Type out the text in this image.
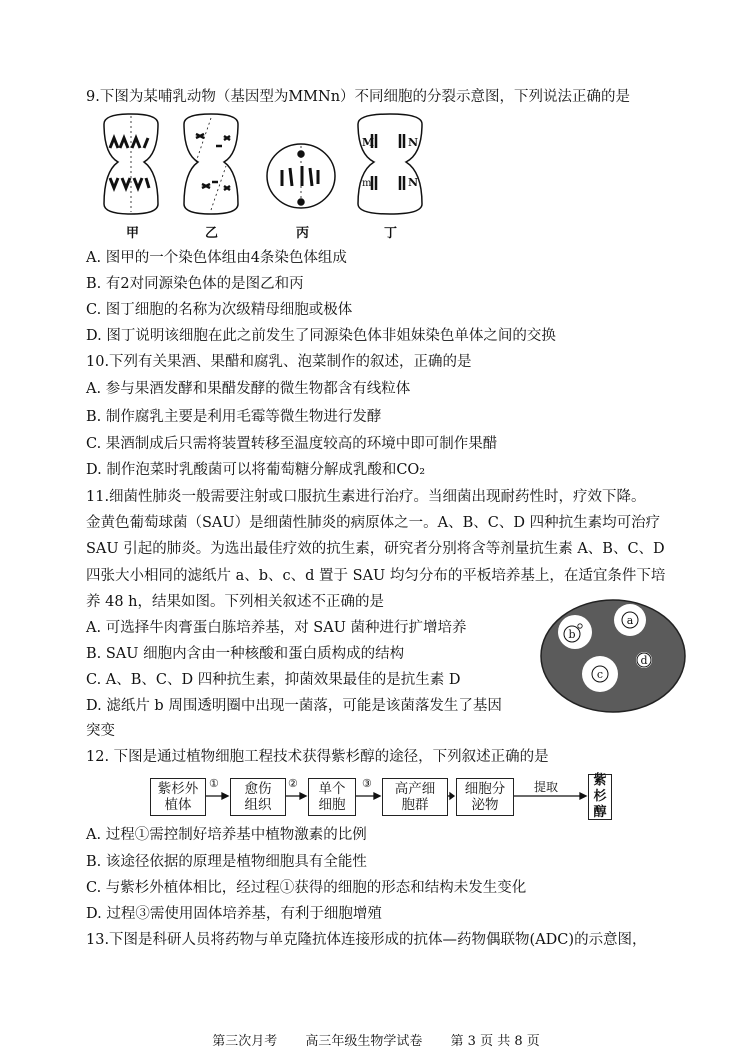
9.下图为某哺乳动物（基因型为MMNn）不同细胞的分裂示意图，下列说法正确的是
M	N
m	N
甲	乙	丙	丁
A. 图甲的一个染色体组由4条染色体组成
B. 有2对同源染色体的是图乙和丙
C. 图丁细胞的名称为次级精母细胞或极体
D. 图丁说明该细胞在此之前发生了同源染色体非姐妹染色单体之间的交换
10.下列有关果酒、果醋和腐乳、泡菜制作的叙述，正确的是
A. 参与果酒发酵和果醋发酵的微生物都含有线粒体
B. 制作腐乳主要是利用毛霉等微生物进行发酵
C. 果酒制成后只需将装置转移至温度较高的环境中即可制作果醋
D. 制作泡菜时乳酸菌可以将葡萄糖分解成乳酸和CO₂
11.细菌性肺炎一般需要注射或口服抗生素进行治疗。当细菌出现耐药性时，疗效下降。
金黄色葡萄球菌（SAU）是细菌性肺炎的病原体之一。A、B、C、D 四种抗生素均可治疗
SAU 引起的肺炎。为选出最佳疗效的抗生素，研究者分别将含等剂量抗生素 A、B、C、D
四张大小相同的滤纸片 a、b、c、d 置于 SAU 均匀分布的平板培养基上，在适宜条件下培
养 48 h，结果如图。下列相关叙述不正确的是
A. 可选择牛肉膏蛋白胨培养基，对 SAU 菌种进行扩增培养
B. SAU 细胞内含由一种核酸和蛋白质构成的结构
C. A、B、C、D 四种抗生素，抑菌效果最佳的是抗生素 D
D. 滤纸片 b 周围透明圈中出现一菌落，可能是该菌落发生了基因
突变
a
b
c
d
12. 下图是通过植物细胞工程技术获得紫杉醇的途径，下列叙述正确的是
紫杉外
植体
愈伤
组织
单个
细胞
高产细
胞群
细胞分
泌物
紫
杉
醇
①	②	③	提取
A. 过程①需控制好培养基中植物激素的比例
B. 该途径依据的原理是植物细胞具有全能性
C. 与紫杉外植体相比，经过程①获得的细胞的形态和结构未发生变化
D. 过程③需使用固体培养基，有利于细胞增殖
13.下图是科研人员将药物与单克隆抗体连接形成的抗体—药物偶联物(ADC)的示意图，
第三次月考 高三年级生物学试卷 第 3 页 共 8 页
